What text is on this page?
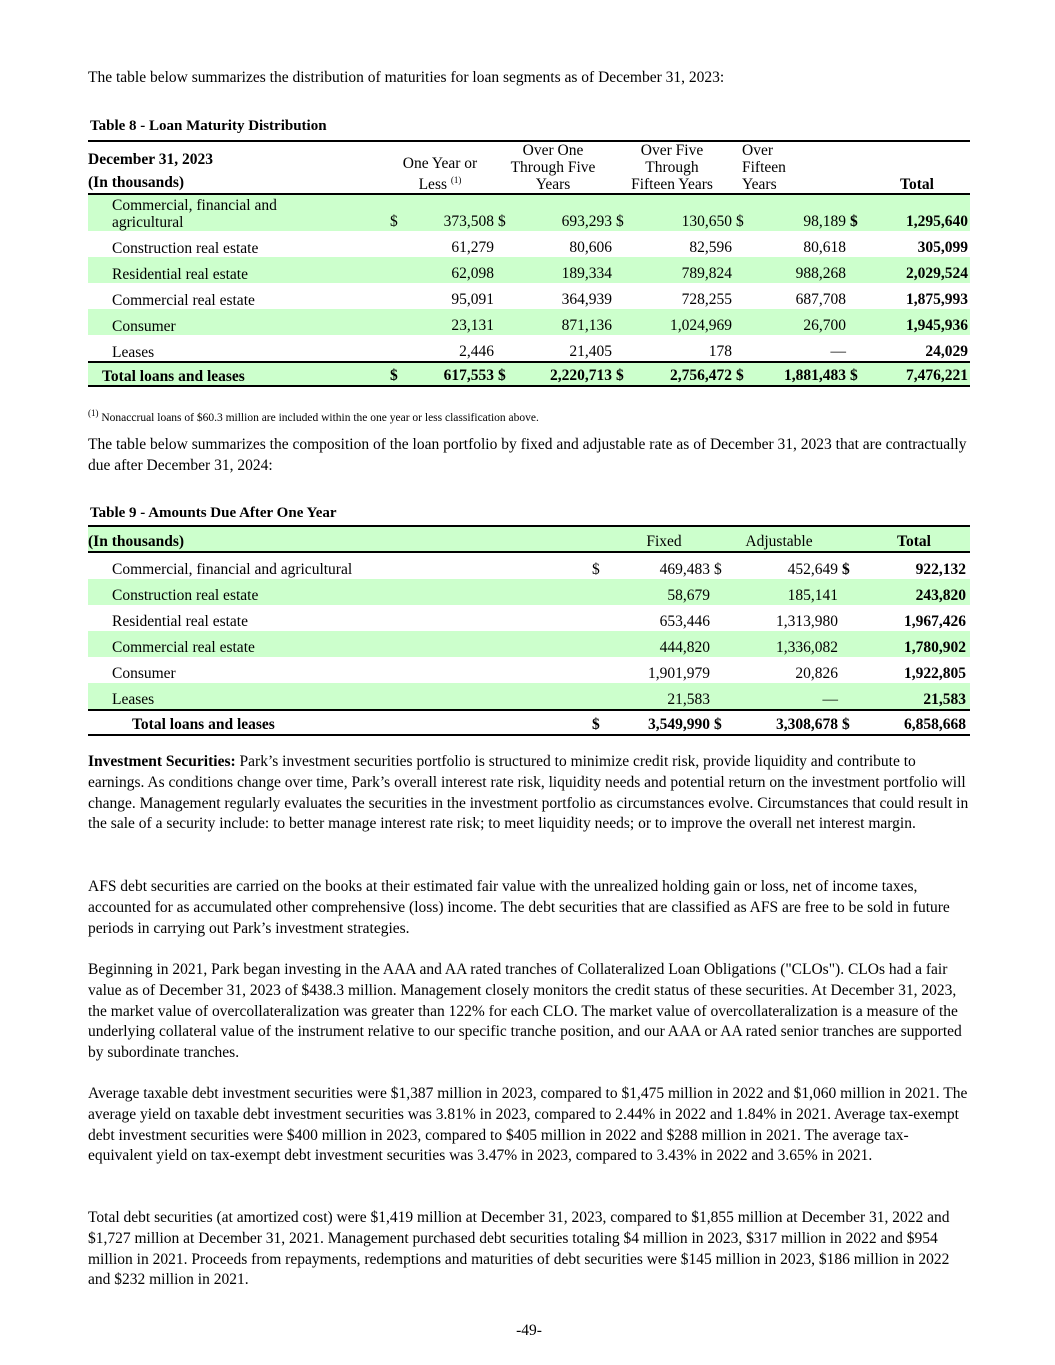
The table below summarizes the distribution of maturities for loan segments as of December 31, 2023:

Table 8 - Loan Maturity Distribution
December 31, 2023
(In thousands)

One Year or
Less $^{(1)}$

Over One
Through Five
Years

Over Five
Through
Fifteen Years

Over
Fifteen
Years	Total

Commercial, financial and
agricultural	$	373,508	$	693,293	$	130,650	$	98,189	$	1,295,640

Construction real estate		61,279		80,606		82,596		80,618		305,099

Residential real estate		62,098		189,334		789,824		988,268		2,029,524

Commercial real estate		95,091		364,939		728,255		687,708		1,875,993

Consumer		23,131		871,136		1,024,969		26,700		1,945,936

Leases		2,446		21,405		178		—		24,029
Total loans and leases	$	617,553	$	2,220,713	$	2,756,472	$	1,881,483	$	7,476,221

$^{(1)}$ Nonaccrual loans of $60.3 million are included within the one year or less classification above.

The table below summarizes the composition of the loan portfolio by fixed and adjustable rate as of December 31, 2023 that are contractually due after December 31, 2024:

Table 9 - Amounts Due After One Year
(In thousands)	Fixed		Adjustable		Total	
Commercial, financial and agricultural	$	469,483	$	452,649	$	922,132
Construction real estate		58,679		185,141		243,820
Residential real estate		653,446		1,313,980		1,967,426
Commercial real estate		444,820		1,336,082		1,780,902
Consumer		1,901,979		20,826		1,922,805
Leases		21,583		—		21,583
Total loans and leases	$	3,549,990	$	3,308,678	$	6,858,668

Investment Securities: Park’s investment securities portfolio is structured to minimize credit risk, provide liquidity and contribute to earnings. As conditions change over time, Park’s overall interest rate risk, liquidity needs and potential return on the investment portfolio will change. Management regularly evaluates the securities in the investment portfolio as circumstances evolve. Circumstances that could result in the sale of a security include: to better manage interest rate risk; to meet liquidity needs; or to improve the overall net interest margin.

AFS debt securities are carried on the books at their estimated fair value with the unrealized holding gain or loss, net of income taxes, accounted for as accumulated other comprehensive (loss) income. The debt securities that are classified as AFS are free to be sold in future periods in carrying out Park’s investment strategies.

Beginning in 2021, Park began investing in the AAA and AA rated tranches of Collateralized Loan Obligations ("CLOs"). CLOs had a fair value as of December 31, 2023 of $438.3 million. Management closely monitors the credit status of these securities. At December 31, 2023, the market value of overcollateralization was greater than 122% for each CLO. The market value of overcollateralization is a measure of the underlying collateral value of the instrument relative to our specific tranche position, and our AAA or AA rated senior tranches are supported by subordinate tranches.

Average taxable debt investment securities were $1,387 million in 2023, compared to $1,475 million in 2022 and $1,060 million in 2021. The average yield on taxable debt investment securities was 3.81% in 2023, compared to 2.44% in 2022 and 1.84% in 2021. Average tax-exempt debt investment securities were $400 million in 2023, compared to $405 million in 2022 and $288 million in 2021. The average tax-equivalent yield on tax-exempt debt investment securities was 3.47% in 2023, compared to 3.43% in 2022 and 3.65% in 2021.

Total debt securities (at amortized cost) were $1,419 million at December 31, 2023, compared to $1,855 million at December 31, 2022 and $1,727 million at December 31, 2021. Management purchased debt securities totaling $4 million in 2023, $317 million in 2022 and $954 million in 2021. Proceeds from repayments, redemptions and maturities of debt securities were $145 million in 2023, $186 million in 2022 and $232 million in 2021.

-49-
